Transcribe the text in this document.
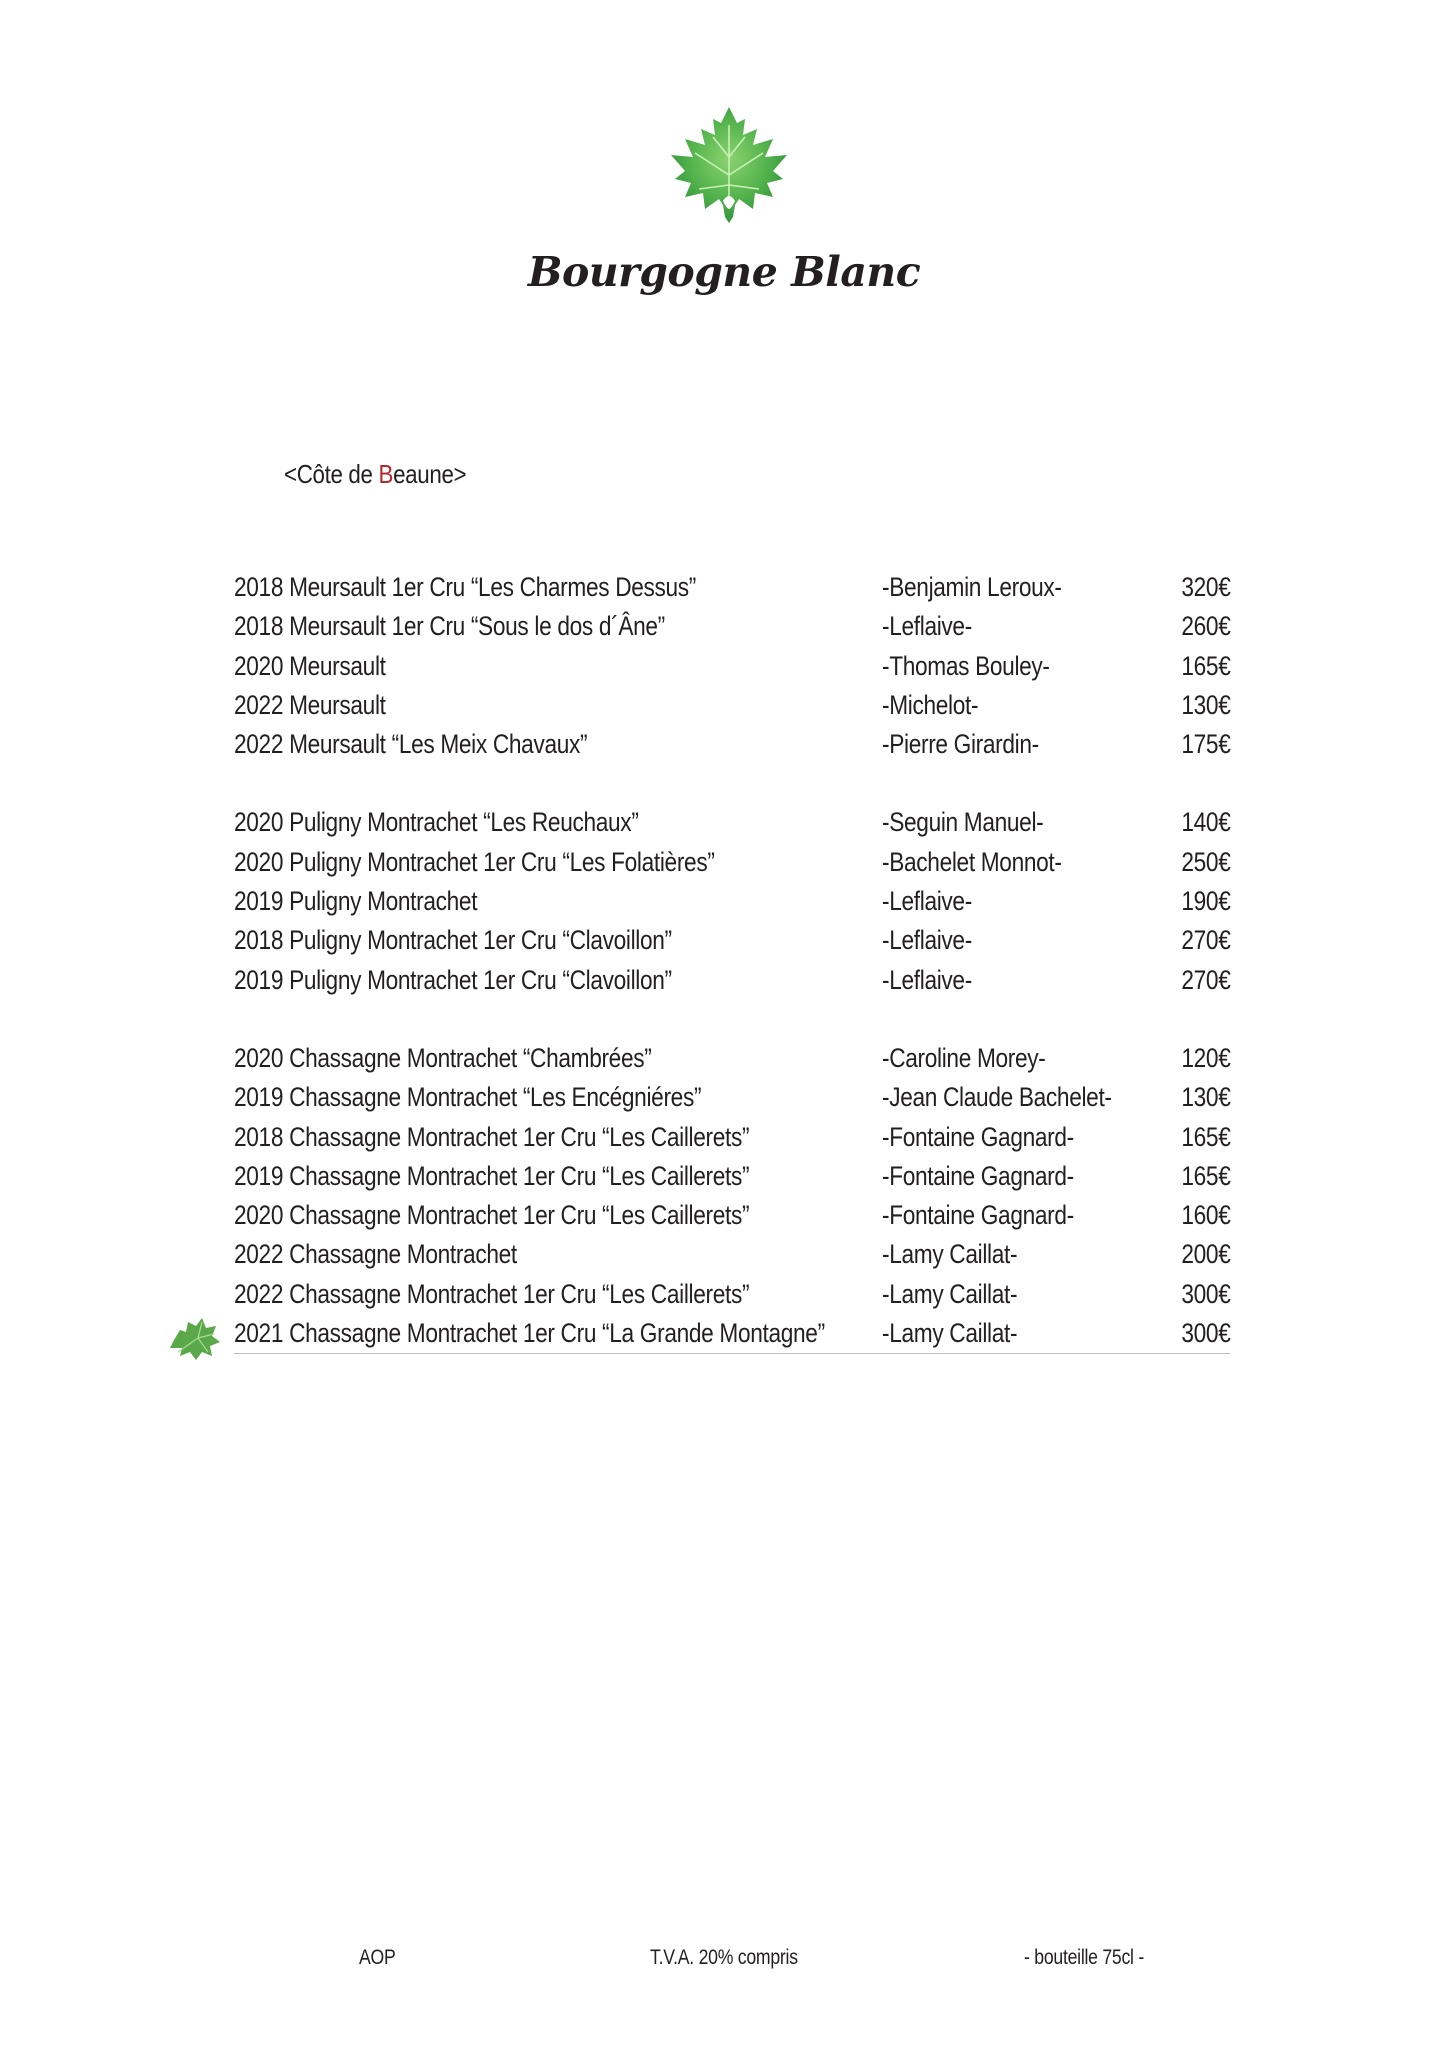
Bourgogne Blanc
<Côte de Beaune>
2018 Meursault 1er Cru “Les Charmes Dessus”	-Benjamin Leroux-	320€
2018 Meursault 1er Cru “Sous le dos d´Âne”	-Leflaive-	260€
2020 Meursault	-Thomas Bouley-	165€
2022 Meursault	-Michelot-	130€
2022 Meursault “Les Meix Chavaux”	-Pierre Girardin-	175€
2020 Puligny Montrachet “Les Reuchaux”	-Seguin Manuel-	140€
2020 Puligny Montrachet 1er Cru “Les Folatières”	-Bachelet Monnot-	250€
2019 Puligny Montrachet	-Leflaive-	190€
2018 Puligny Montrachet 1er Cru “Clavoillon”	-Leflaive-	270€
2019 Puligny Montrachet 1er Cru “Clavoillon”	-Leflaive-	270€
2020 Chassagne Montrachet “Chambrées”	-Caroline Morey-	120€
2019 Chassagne Montrachet “Les Encégniéres”	-Jean Claude Bachelet-	130€
2018 Chassagne Montrachet 1er Cru “Les Caillerets”	-Fontaine Gagnard-	165€
2019 Chassagne Montrachet 1er Cru “Les Caillerets”	-Fontaine Gagnard-	165€
2020 Chassagne Montrachet 1er Cru “Les Caillerets”	-Fontaine Gagnard-	160€
2022 Chassagne Montrachet	-Lamy Caillat-	200€
2022 Chassagne Montrachet 1er Cru “Les Caillerets”	-Lamy Caillat-	300€
2021 Chassagne Montrachet 1er Cru “La Grande Montagne” -Lamy Caillat-	300€
AOP	T.V.A. 20% compris	- bouteille 75cl -
